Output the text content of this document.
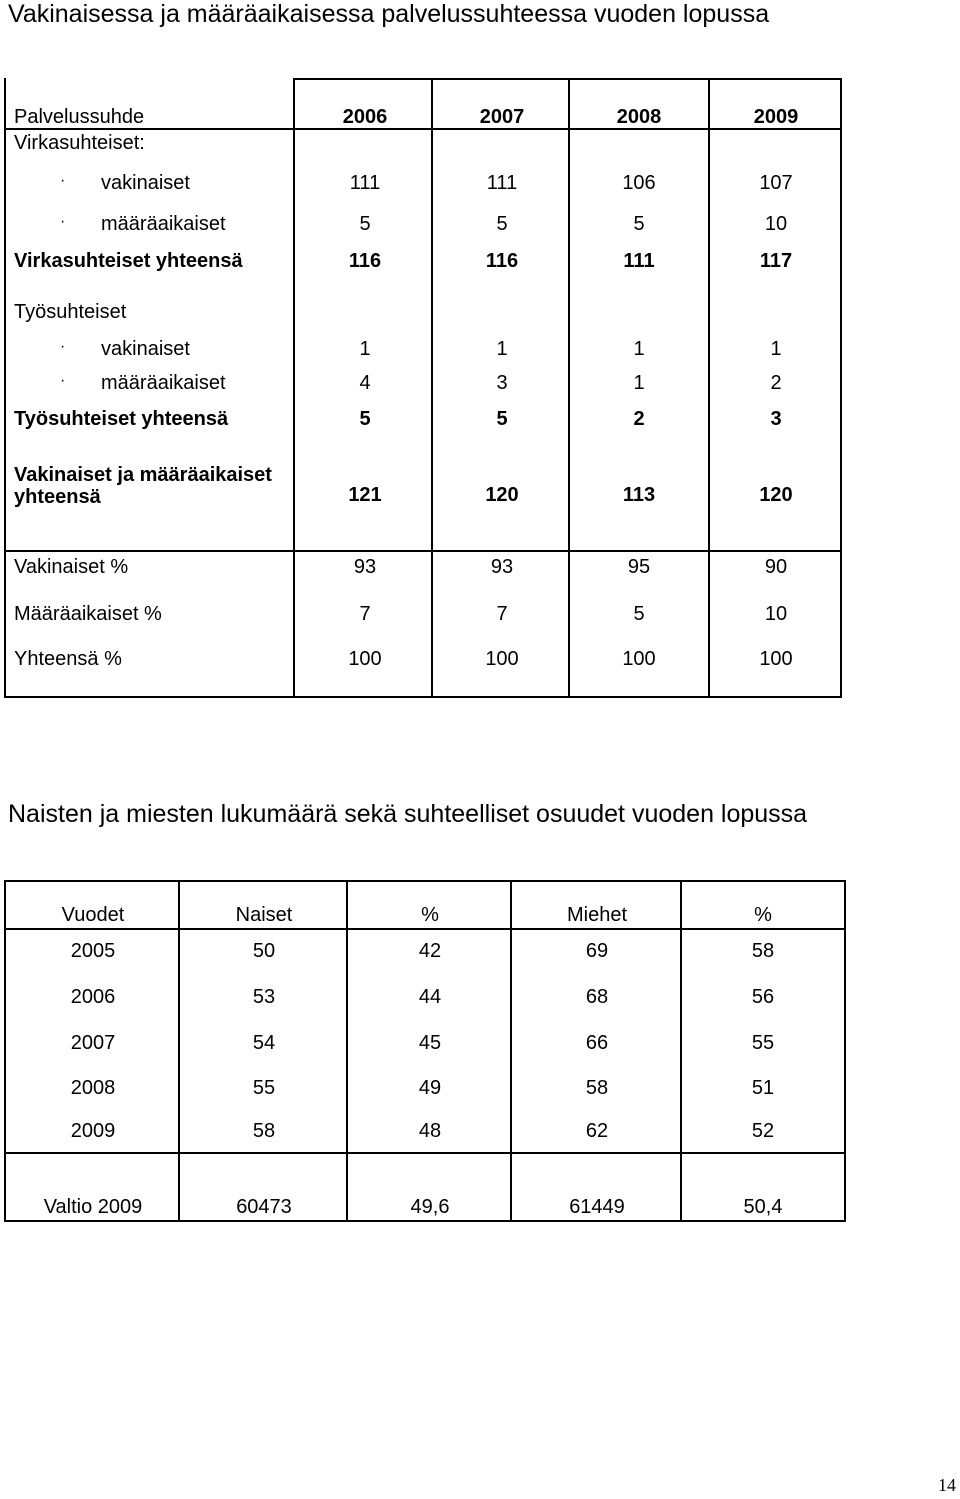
Vakinaisessa ja määräaikaisessa palvelussuhteessa vuoden lopussa
Palvelussuhde	2006	2007	2008	2009
Virkasuhteiset:
· vakinaiset	111	111	106	107
· määräaikaiset	5	5	5	10
Virkasuhteiset yhteensä	116	116	111	117
Työsuhteiset
· vakinaiset	1	1	1	1
· määräaikaiset	4	3	1	2
Työsuhteiset yhteensä	5	5	2	3
Vakinaiset ja määräaikaiset yhteensä	121	120	113	120
Vakinaiset %	93	93	95	90
Määräaikaiset %	7	7	5	10
Yhteensä %	100	100	100	100
Naisten ja miesten lukumäärä sekä suhteelliset osuudet vuoden lopussa
Vuodet	Naiset	%	Miehet	%
2005	50	42	69	58
2006	53	44	68	56
2007	54	45	66	55
2008	55	49	58	51
2009	58	48	62	52
Valtio 2009	60473	49,6	61449	50,4
14
